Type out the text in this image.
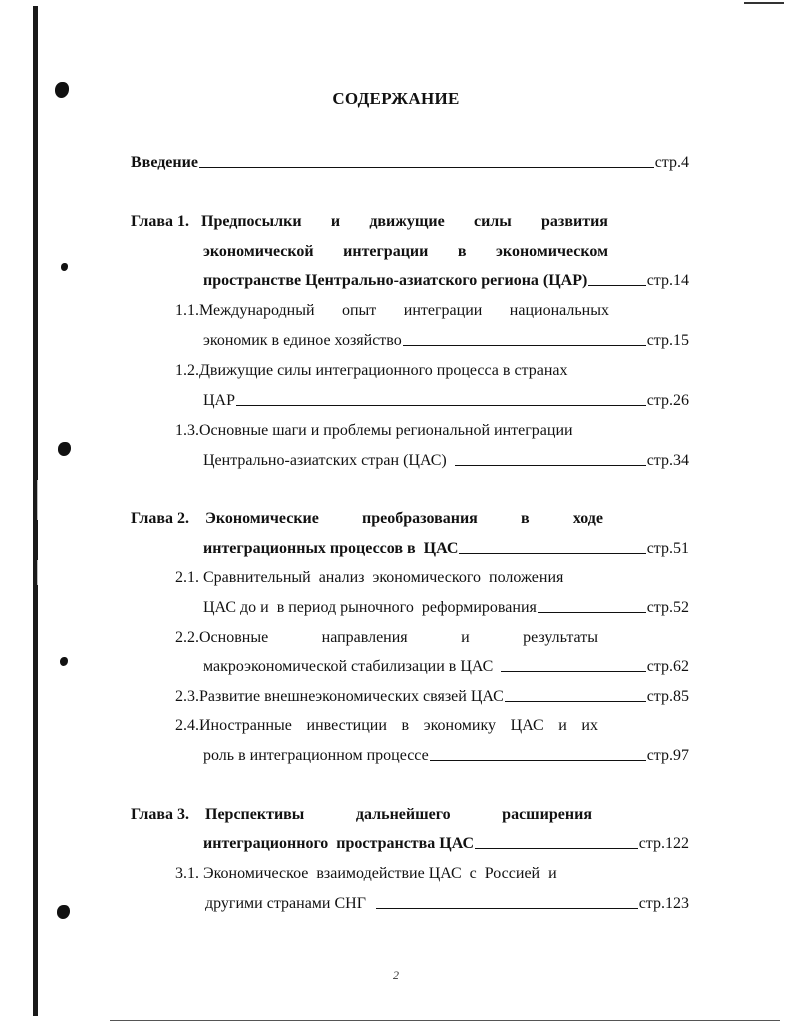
СОДЕРЖАНИЕ
Введение	стр.4
Глава 1. Предпосылки и движущие силы развития
экономической интеграции в экономическом
пространстве Центрально-азиатского региона (ЦАР)	стр.14
1.1.Международный опыт интеграции национальных
экономик в единое хозяйство	стр.15
1.2.Движущие силы интеграционного процесса в странах
ЦАР	стр.26
1.3.Основные шаги и проблемы региональной интеграции
Центрально-азиатских стран (ЦАС)	стр.34
Глава 2. Экономические	преобразования	в	ходе
интеграционных процессов в  ЦАС	стр.51
2.1. Сравнительный  анализ  экономического  положения
ЦАС до и  в период рыночного  реформирования	стр.52
2.2.Основные	направления	и	результаты
макроэкономической стабилизации в ЦАС	стр.62
2.3.Развитие внешнеэкономических связей ЦАС	стр.85
2.4.Иностранные инвестиции в экономику ЦАС и их
роль в интеграционном процессе	стр.97
Глава 3. Перспективы	дальнейшего	расширения
интеграционного  пространства ЦАС	стр.122
3.1. Экономическое  взаимодействие ЦАС  с  Россией  и
другими странами СНГ	стр.123
2
